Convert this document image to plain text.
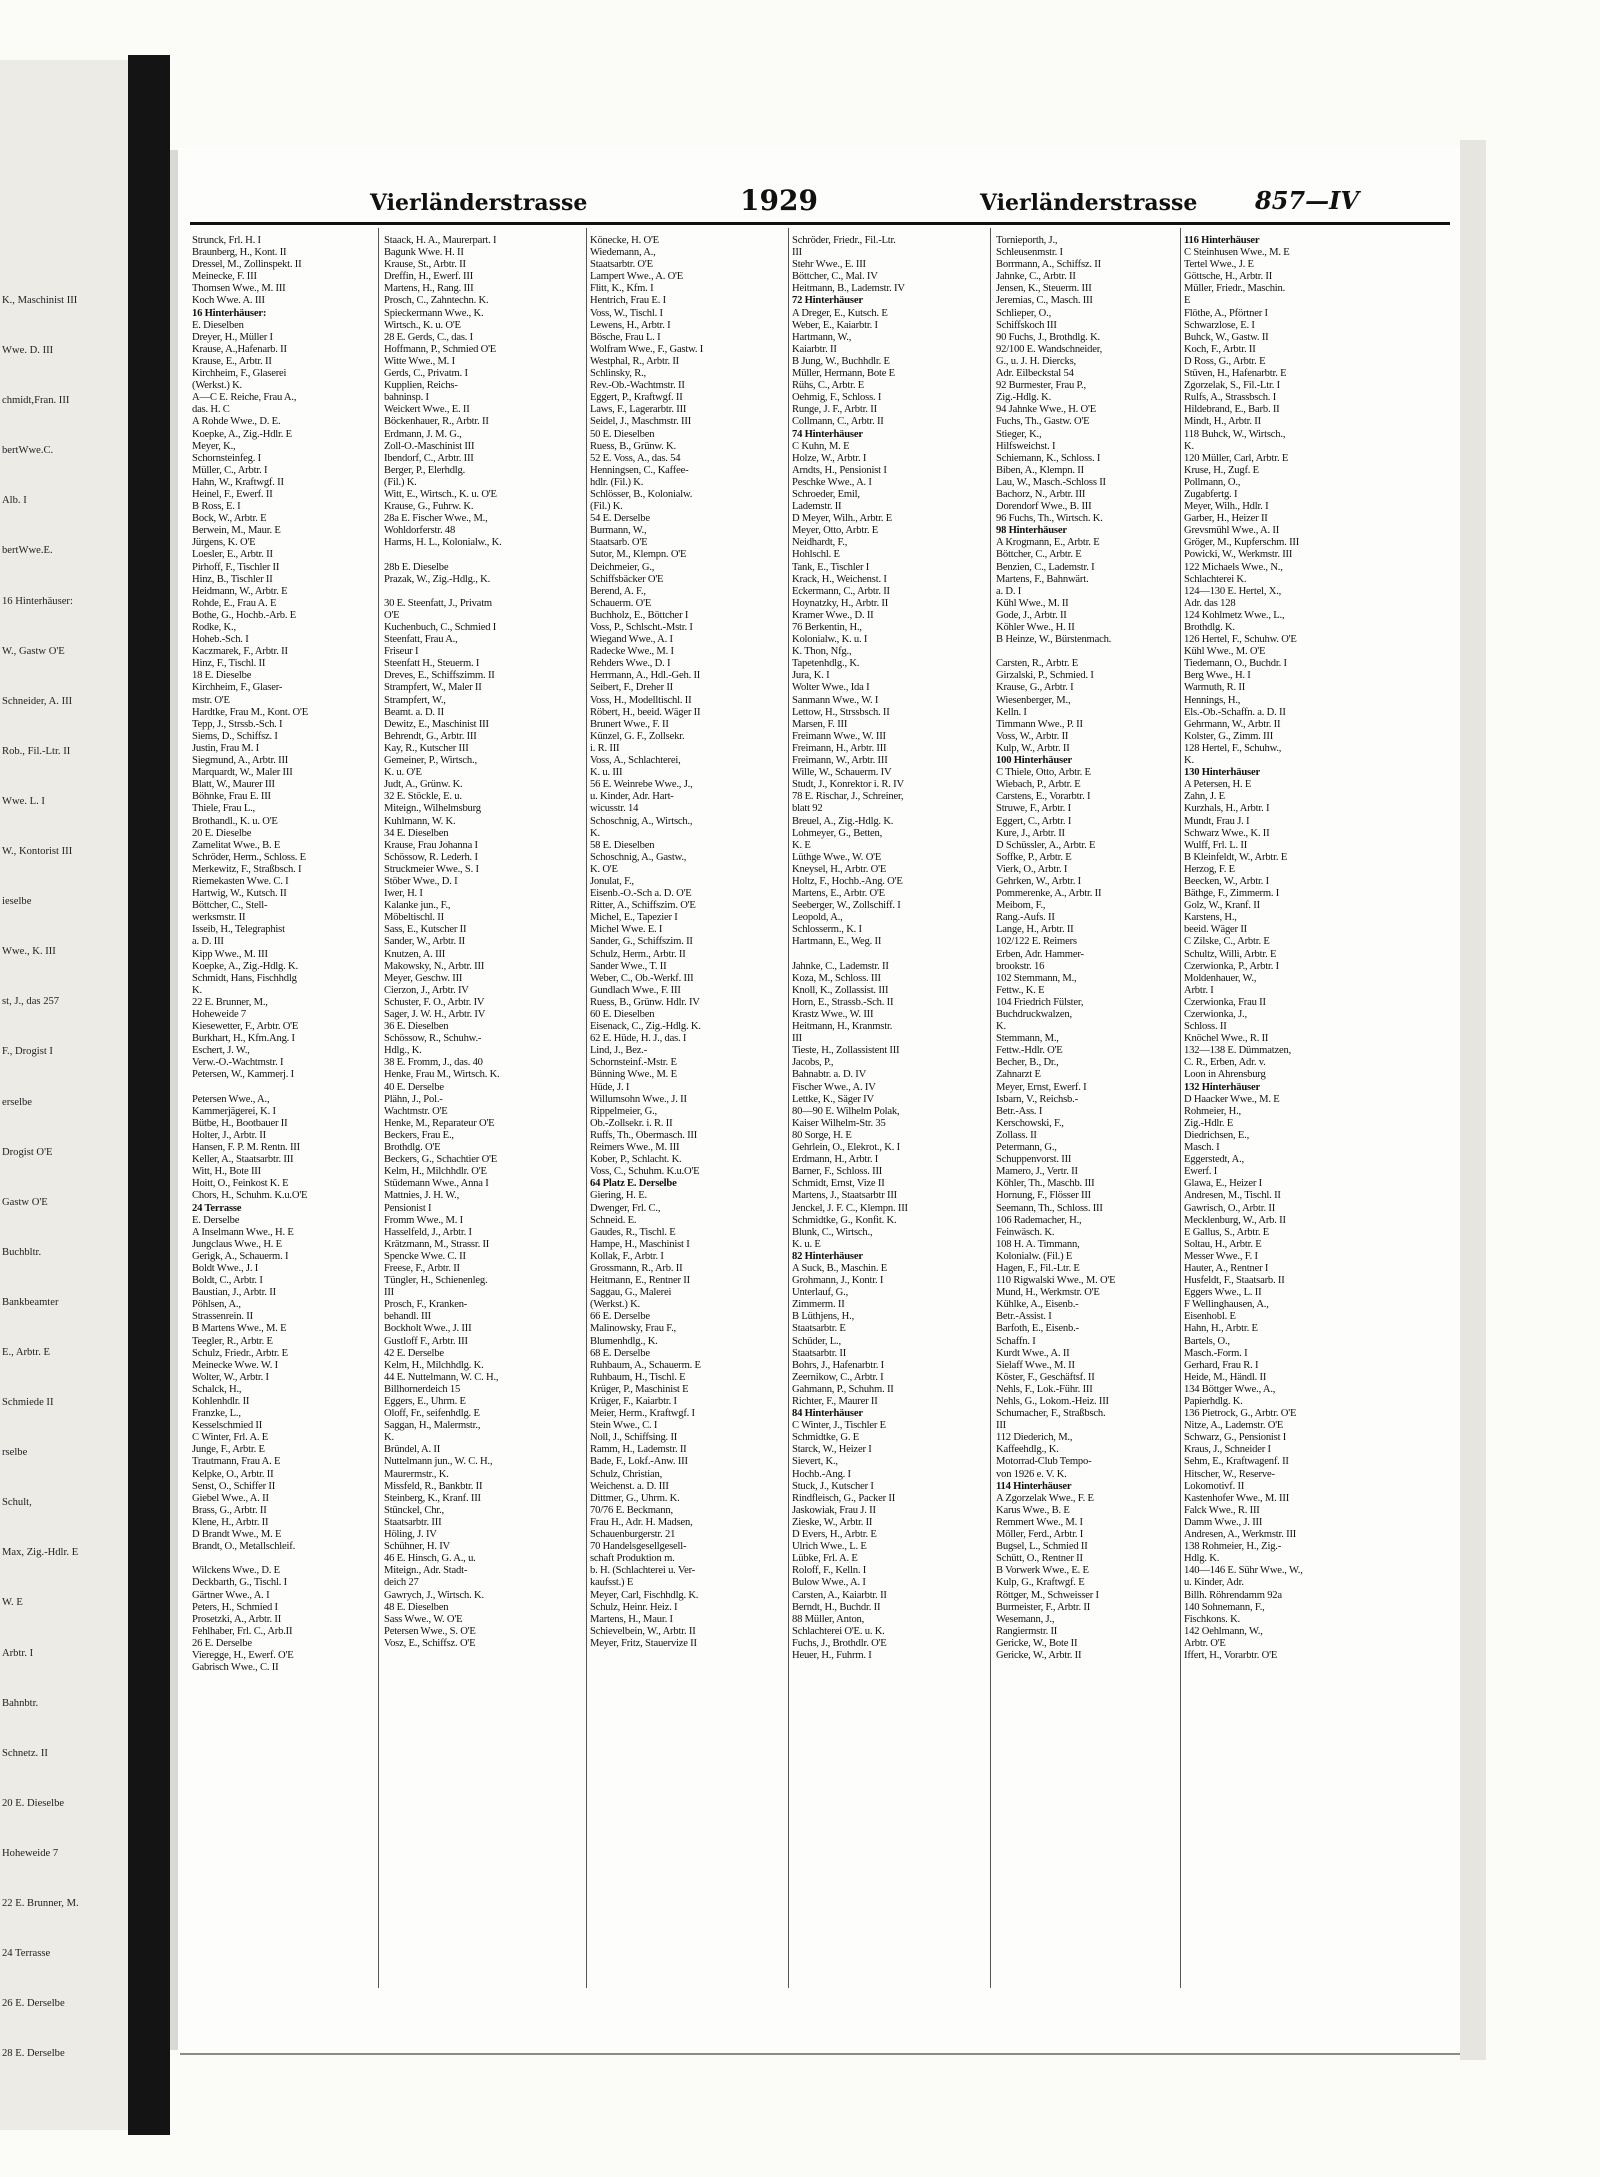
K., Maschinist III
Wwe. D. III
chmidt,Fran. III
bertWwe.C.
Alb. I
bertWwe.E.
16 Hinterhäuser:
W., Gastw O'E
Schneider, A. III
Rob., Fil.-Ltr. II
Wwe. L. I
W., Kontorist III
ieselbe
Wwe., K. III
st, J., das 257
F., Drogist I
erselbe
Drogist O'E
Gastw O'E
Buchbltr.
Bankbeamter
E., Arbtr. E
Schmiede II
rselbe
Schult,
Max, Zig.-Hdlr. E
W. E
Arbtr. I
Bahnbtr.
Schnetz. II
20 E. Dieselbe
Hoheweide 7
22 E. Brunner, M.
24 Terrasse
26 E. Derselbe
28 E. Derselbe
Vierländerstrasse	1929	Vierländerstrasse 857—IV
Strunck, Frl. H. I
Braunberg, H., Kont. II
Dressel, M., Zollinspekt. II
Meinecke, F. III
Thomsen Wwe., M. III
Koch Wwe. A. III
16 Hinterhäuser:
E. Dieselben
Dreyer, H., Müller I
Krause, A.,Hafenarb. II
Krause, E., Arbtr. II
Kirchheim, F., Glaserei
(Werkst.) K.
A—C E. Reiche, Frau A.,
das. H. C
A Rohde Wwe., D. E.
Koepke, A., Zig.-Hdlr. E
Meyer, K.,
Schornsteinfeg. I
Müller, C., Arbtr. I
Hahn, W., Kraftwgf. II
Heinel, F., Ewerf. II
B Ross, E. I
Bock, W., Arbtr. E
Berwein, M., Maur. E
Jürgens, K. O'E
Loesler, E., Arbtr. II
Pirhoff, F., Tischler II
Hinz, B., Tischler II
Heidmann, W., Arbtr. E
Rohde, E., Frau A. E
Bothe, G., Hochb.-Arb. E
Rodke, K.,
Hoheb.-Sch. I
Kaczmarek, F., Arbtr. II
Hinz, F., Tischl. II
18 E. Dieselbe
Kirchheim, F., Glaser-
mstr. O'E
Hardtke, Frau M., Kont. O'E
Tepp, J., Strssb.-Sch. I
Siems, D., Schiffsz. I
Justin, Frau M. I
Siegmund, A., Arbtr. III
Marquardt, W., Maler III
Blatt, W., Maurer III
Böhnke, Frau E. III
Thiele, Frau L.,
Brothandl., K. u. O'E
20 E. Dieselbe
Zamelitat Wwe., B. E
Schröder, Herm., Schloss. E
Merkewitz, F., Straßbsch. I
Riemekasten Wwe. C. I
Hartwig, W., Kutsch. II
Böttcher, C., Stell-
werksmstr. II
Isseib, H., Telegraphist
a. D. III
Kipp Wwe., M. III
Koepke, A., Zig.-Hdlg. K.
Schmidt, Hans, Fischhdlg
K.
22 E. Brunner, M.,
Hoheweide 7
Kiesewetter, F., Arbtr. O'E
Burkhart, H., Kfm.Ang. I
Eschert, J. W.,
Verw.-O.-Wachtmstr. I
Petersen, W., Kammerj. I
Petersen Wwe., A.,
Kammerjägerei, K. I
Bütbe, H., Bootbauer II
Holter, J., Arbtr. II
Hansen, F. P. M. Rentn. III
Keller, A., Staatsarbtr. III
Witt, H., Bote III
Hoitt, O., Feinkost K. E
Chors, H., Schuhm. K.u.O'E
24 Terrasse
E. Derselbe
A Inselmann Wwe., H. E
Jungclaus Wwe., H. E
Gerigk, A., Schauerm. I
Boldt Wwe., J. I
Boldt, C., Arbtr. I
Baustian, J., Arbtr. II
Pöhlsen, A.,
Strassenrein. II
B Martens Wwe., M. E
Teegler, R., Arbtr. E
Schulz, Friedr., Arbtr. E
Meinecke Wwe. W. I
Wolter, W., Arbtr. I
Schalck, H.,
Kohlenhdlr. II
Franzke, L.,
Kesselschmied II
C Winter, Frl. A. E
Junge, F., Arbtr. E
Trautmann, Frau A. E
Kelpke, O., Arbtr. II
Senst, O., Schiffer II
Giebel Wwe., A. II
Brass, G., Arbtr. II
Klene, H., Arbtr. II
D Brandt Wwe., M. E
Brandt, O., Metallschleif.
Wilckens Wwe., D. E
Deckbarth, G., Tischl. I
Gärtner Wwe., A. I
Peters, H., Schmied I
Prosetzki, A., Arbtr. II
Fehlhaber, Frl. C., Arb.II
26 E. Derselbe
Vieregge, H., Ewerf. O'E
Gabrisch Wwe., C. II
Staack, H. A., Maurerpart. I
Bagunk Wwe. H. II
Krause, St., Arbtr. II
Dreffin, H., Ewerf. III
Martens, H., Rang. III
Prosch, C., Zahntechn. K.
Spieckermann Wwe., K.
Wirtsch., K. u. O'E
28 E. Gerds, C., das. I
Hoffmann, P., Schmied O'E
Witte Wwe., M. I
Gerds, C., Privatm. I
Kupplien, Reichs-
bahninsp. I
Weickert Wwe., E. II
Böckenhauer, R., Arbtr. II
Erdmann, J. M. G.,
Zoll-O.-Maschinist III
Ibendorf, C., Arbtr. III
Berger, P., Elerhdlg.
(Fil.) K.
Witt, E., Wirtsch., K. u. O'E
Krause, G., Fuhrw. K.
28a E. Fischer Wwe., M.,
Wohldorferstr. 48
Harms, H. L., Kolonialw., K.
28b E. Dieselbe
Prazak, W., Zig.-Hdlg., K.
30 E. Steenfatt, J., Privatm
O'E
Kuchenbuch, C., Schmied I
Steenfatt, Frau A.,
Friseur I
Steenfatt H., Steuerm. I
Dreves, E., Schiffszimm. II
Strampfert, W., Maler II
Strampfert, W.,
Beamt. a. D. II
Dewitz, E., Maschinist III
Behrendt, G., Arbtr. III
Kay, R., Kutscher III
Gemeiner, P., Wirtsch.,
K. u. O'E
Judt, A., Grünw. K.
32 E. Stöckle, E. u.
Miteign., Wilhelmsburg
Kuhlmann, W. K.
34 E. Dieselben
Krause, Frau Johanna I
Schössow, R. Lederh. I
Struckmeier Wwe., S. I
Stöber Wwe., D. I
Iwer, H. I
Kalanke jun., F.,
Möbeltischl. II
Sass, E., Kutscher II
Sander, W., Arbtr. II
Knutzen, A. III
Makowsky, N., Arbtr. III
Meyer, Geschw. III
Cierzon, J., Arbtr. IV
Schuster, F. O., Arbtr. IV
Sager, J. W. H., Arbtr. IV
36 E. Dieselben
Schössow, R., Schuhw.-
Hdlg., K.
38 E. Fromm, J., das. 40
Henke, Frau M., Wirtsch. K.
40 E. Derselbe
Plähn, J., Pol.-
Wachtmstr. O'E
Henke, M., Reparateur O'E
Beckers, Frau E.,
Brothdlg. O'E
Beckers, G., Schachtier O'E
Kelm, H., Milchhdlr. O'E
Stüdemann Wwe., Anna I
Mattnies, J. H. W.,
Pensionist I
Fromm Wwe., M. I
Hasselfeld, J., Arbtr. I
Krätzmann, M., Strassr. II
Spencke Wwe. C. II
Freese, F., Arbtr. II
Tüngler, H., Schienenleg.
III
Prosch, F., Kranken-
behandl. III
Bockholt Wwe., J. III
Gustloff F., Arbtr. III
42 E. Derselbe
Kelm, H., Milchhdlg. K.
44 E. Nuttelmann, W. C. H.,
Billhornerdeich 15
Eggers, E., Uhrm. E
Oloff, Fr., seifenhdlg. E
Saggan, H., Malermstr.,
K.
Bründel, A. II
Nuttelmann jun., W. C. H.,
Maurermstr., K.
Missfeld, R., Bankbtr. II
Steinberg, K., Kranf. III
Stünckel, Chr.,
Staatsarbtr. III
Höling, J. IV
Schühner, H. IV
46 E. Hinsch, G. A., u.
Miteign., Adr. Stadt-
deich 27
Gawrych, J., Wirtsch. K.
48 E. Dieselben
Sass Wwe., W. O'E
Petersen Wwe., S. O'E
Vosz, E., Schiffsz. O'E
Könecke, H. O'E
Wiedemann, A.,
Staatsarbtr. O'E
Lampert Wwe., A. O'E
Flitt, K., Kfm. I
Hentrich, Frau E. I
Voss, W., Tischl. I
Lewens, H., Arbtr. I
Bösche, Frau L. I
Wolfram Wwe., F., Gastw. I
Westphal, R., Arbtr. II
Schlinsky, R.,
Rev.-Ob.-Wachtmstr. II
Eggert, P., Kraftwgf. II
Laws, F., Lagerarbtr. III
Seidel, J., Maschmstr. III
50 E. Dieselben
Ruess, B., Grünw. K.
52 E. Voss, A., das. 54
Henningsen, C., Kaffee-
hdlr. (Fil.) K.
Schlösser, B., Kolonialw.
(Fil.) K.
54 E. Derselbe
Burmann, W.,
Staatsarb. O'E
Sutor, M., Klempn. O'E
Deichmeier, G.,
Schiffsbäcker O'E
Berend, A. F.,
Schauerm. O'E
Buchholz, E., Böttcher I
Voss, P., Schlscht.-Mstr. I
Wiegand Wwe., A. I
Radecke Wwe., M. I
Rehders Wwe., D. I
Herrmann, A., Hdl.-Geh. II
Seibert, F., Dreher II
Voss, H., Modelltischl. II
Röbert, H., beeid. Wäger II
Brunert Wwe., F. II
Künzel, G. F., Zollsekr.
i. R. III
Voss, A., Schlachterei,
K. u. III
56 E. Weinrebe Wwe., J.,
u. Kinder, Adr. Hart-
wicusstr. 14
Schoschnig, A., Wirtsch.,
K.
58 E. Dieselben
Schoschnig, A., Gastw.,
K. O'E
Jonulat, F.,
Eisenb.-O.-Sch a. D. O'E
Ritter, A., Schiffszim. O'E
Michel, E., Tapezier I
Michel Wwe. E. I
Sander, G., Schiffszim. II
Schulz, Herm., Arbtr. II
Sander Wwe., T. II
Weber, C., Ob.-Werkf. III
Gundlach Wwe., F. III
Ruess, B., Grünw. Hdlr. IV
60 E. Dieselben
Eisenack, C., Zig.-Hdlg. K.
62 E. Hüde, H. J., das. I
Lind, J., Bez.-
Schornsteinf.-Mstr. E
Bünning Wwe., M. E
Hüde, J. I
Willumsohn Wwe., J. II
Rippelmeier, G.,
Ob.-Zollsekr. i. R. II
Ruffs, Th., Obermasch. III
Reimers Wwe., M. III
Kober, P., Schlacht. K.
Voss, C., Schuhm. K.u.O'E
64 Platz E. Derselbe
Giering, H. E.
Dwenger, Frl. C.,
Schneid. E.
Gaudes, R., Tischl. E
Hampe, H., Maschinist I
Kollak, F., Arbtr. I
Grossmann, R., Arb. II
Heitmann, E., Rentner II
Saggau, G., Malerei
(Werkst.) K.
66 E. Derselbe
Malinowsky, Frau F.,
Blumenhdlg., K.
68 E. Derselbe
Ruhbaum, A., Schauerm. E
Ruhbaum, H., Tischl. E
Krüger, P., Maschinist E
Krüger, F., Kaiarbtr. I
Meier, Herm., Kraftwgf. I
Stein Wwe., C. I
Noll, J., Schiffsing. II
Ramm, H., Lademstr. II
Bade, F., Lokf.-Anw. III
Schulz, Christian,
Weichenst. a. D. III
Dittmer, G., Uhrm. K.
70/76 E. Beckmann,
Frau H., Adr. H. Madsen,
Schauenburgerstr. 21
70 Handelsgesellgesell-
schaft Produktion m.
b. H. (Schlachterei u. Ver-
kaufsst.) E
Meyer, Carl, Fischhdlg. K.
Schulz, Heinr. Heiz. I
Martens, H., Maur. I
Schievelbein, W., Arbtr. II
Meyer, Fritz, Stauervize II
Schröder, Friedr., Fil.-Ltr.
III
Stehr Wwe., E. III
Böttcher, C., Mal. IV
Heitmann, B., Lademstr. IV
72 Hinterhäuser
A Dreger, E., Kutsch. E
Weber, E., Kaiarbtr. I
Hartmann, W.,
Kaiarbtr. II
B Jung, W., Buchhdlr. E
Müller, Hermann, Bote E
Rühs, C., Arbtr. E
Oehmig, F., Schloss. I
Runge, J. F., Arbtr. II
Collmann, C., Arbtr. II
74 Hinterhäuser
C Kuhn, M. E
Holze, W., Arbtr. I
Arndts, H., Pensionist I
Peschke Wwe., A. I
Schroeder, Emil,
Lademstr. II
D Meyer, Wilh., Arbtr. E
Meyer, Otto, Arbtr. E
Neidhardt, F.,
Hohlschl. E
Tank, E., Tischler I
Krack, H., Weichenst. I
Eckermann, C., Arbtr. II
Hoynatzky, H., Arbtr. II
Kramer Wwe., D. II
76 Berkentin, H.,
Kolonialw., K. u. I
K. Thon, Nfg.,
Tapetenhdlg., K.
Jura, K. I
Wolter Wwe., Ida I
Sanmann Wwe., W. I
Lettow, H., Strssbsch. II
Marsen, F. III
Freimann Wwe., W. III
Freimann, H., Arbtr. III
Freimann, W., Arbtr. III
Wille, W., Schauerm. IV
Studt, J., Konrektor i. R. IV
78 E. Rischar, J., Schreiner,
blatt 92
Breuel, A., Zig.-Hdlg. K.
Lohmeyer, G., Betten,
K. E
Lüthge Wwe., W. O'E
Kneysel, H., Arbtr. O'E
Holtz, F., Hochb.-Ang. O'E
Martens, E., Arbtr. O'E
Seeberger, W., Zollschiff. I
Leopold, A.,
Schlosserm., K. I
Hartmann, E., Weg. II
Jahnke, C., Lademstr. II
Koza, M., Schloss. III
Knoll, K., Zollassist. III
Horn, E., Strassb.-Sch. II
Krastz Wwe., W. III
Heitmann, H., Kranmstr.
III
Tieste, H., Zollassistent III
Jacobs, P.,
Bahnabtr. a. D. IV
Fischer Wwe., A. IV
Lettke, K., Säger IV
80—90 E. Wilhelm Polak,
Kaiser Wilhelm-Str. 35
80 Sorge, H. E
Gehrlein, O., Elekrot., K. I
Erdmann, H., Arbtr. I
Barner, F., Schloss. III
Schmidt, Ernst, Vize II
Martens, J., Staatsarbtr III
Jenckel, J. F. C., Klempn. III
Schmidtke, G., Konfit. K.
Blunk, C., Wirtsch.,
K. u. E
82 Hinterhäuser
A Suck, B., Maschin. E
Grohmann, J., Kontr. I
Unterlauf, G.,
Zimmerm. II
B Lüthjens, H.,
Staatsarbtr. E
Schüder, L.,
Staatsarbtr. II
Bohrs, J., Hafenarbtr. I
Zeernikow, C., Arbtr. I
Gahmann, P., Schuhm. II
Richter, F., Maurer II
84 Hinterhäuser
C Winter, J., Tischler E
Schmidtke, G. E
Starck, W., Heizer I
Sievert, K.,
Hochb.-Ang. I
Stuck, J., Kutscher I
Rindfleisch, G., Packer II
Jaskowiak, Frau J. II
Zieske, W., Arbtr. II
D Evers, H., Arbtr. E
Ulrich Wwe., L. E
Lübke, Frl. A. E
Roloff, F., Kelln. I
Bulow Wwe., A. I
Carsten, A., Kaiarbtr. II
Berndt, H., Buchdr. II
88 Müller, Anton,
Schlachterei O'E. u. K.
Fuchs, J., Brothdlr. O'E
Heuer, H., Fuhrm. I
Tornieporth, J.,
Schleusenmstr. I
Borrmann, A., Schiffsz. II
Jahnke, C., Arbtr. II
Jensen, K., Steuerm. III
Jeremias, C., Masch. III
Schlieper, O.,
Schiffskoch III
90 Fuchs, J., Brothdlg. K.
92/100 E. Wandschneider,
G., u. J. H. Diercks,
Adr. Eilbeckstal 54
92 Burmester, Frau P.,
Zig.-Hdlg. K.
94 Jahnke Wwe., H. O'E
Fuchs, Th., Gastw. O'E
Stieger, K.,
Hilfsweichst. I
Schiemann, K., Schloss. I
Biben, A., Klempn. II
Lau, W., Masch.-Schloss II
Bachorz, N., Arbtr. III
Dorendorf Wwe., B. III
96 Fuchs, Th., Wirtsch. K.
98 Hinterhäuser
A Krogmann, E., Arbtr. E
Böttcher, C., Arbtr. E
Benzien, C., Lademstr. I
Martens, F., Bahnwärt.
a. D. I
Kühl Wwe., M. II
Gode, J., Arbtr. II
Köhler Wwe., H. II
B Heinze, W., Bürstenmach.
Carsten, R., Arbtr. E
Girzalski, P., Schmied. I
Krause, G., Arbtr. I
Wiesenberger, M.,
Kelln. I
Timmann Wwe., P. II
Voss, W., Arbtr. II
Kulp, W., Arbtr. II
100 Hinterhäuser
C Thiele, Otto, Arbtr. E
Wiebach, P., Arbtr. E
Carstens, E., Vorarbtr. I
Struwe, F., Arbtr. I
Eggert, C., Arbtr. I
Kure, J., Arbtr. II
D Schüssler, A., Arbtr. E
Soffke, P., Arbtr. E
Vierk, O., Arbtr. I
Gehrken, W., Arbtr. I
Pommerenke, A., Arbtr. II
Meibom, F.,
Rang.-Aufs. II
Lange, H., Arbtr. II
102/122 E. Reimers
Erben, Adr. Hammer-
brookstr. 16
102 Stemmann, M.,
Fettw., K. E
104 Friedrich Fülster,
Buchdruckwalzen,
K.
Stemmann, M.,
Fettw.-Hdlr. O'E
Becher, B., Dr.,
Zahnarzt E
Meyer, Ernst, Ewerf. I
Isbarn, V., Reichsb.-
Betr.-Ass. I
Kerschowski, F.,
Zollass. II
Petermann, G.,
Schuppenvorst. III
Mamero, J., Vertr. II
Köhler, Th., Maschb. III
Hornung, F., Flösser III
Seemann, Th., Schloss. III
106 Rademacher, H.,
Feinwäsch. K.
108 H. A. Timmann,
Kolonialw. (Fil.) E
Hagen, F., Fil.-Ltr. E
110 Rigwalski Wwe., M. O'E
Mund, H., Werkmstr. O'E
Kühlke, A., Eisenb.-
Betr.-Assist. I
Barfoth, E., Eisenb.-
Schaffn. I
Kurdt Wwe., A. II
Sielaff Wwe., M. II
Köster, F., Geschäftsf. II
Nehls, F., Lok.-Führ. III
Nehls, G., Lokom.-Heiz. III
Schumacher, F., Straßbsch.
III
112 Diederich, M.,
Kaffeehdlg., K.
Motorrad-Club Tempo-
von 1926 e. V. K.
114 Hinterhäuser
A Zgorzelak Wwe., F. E
Karus Wwe., B. E
Remmert Wwe., M. I
Möller, Ferd., Arbtr. I
Bugsel, L., Schmied II
Schütt, O., Rentner II
B Vorwerk Wwe., E. E
Kulp, G., Kraftwgf. E
Röttger, M., Schweisser I
Burmeister, F., Arbtr. II
Wesemann, J.,
Rangiermstr. II
Gericke, W., Bote II
Gericke, W., Arbtr. II
116 Hinterhäuser
C Steinhusen Wwe., M. E
Tertel Wwe., J. E
Göttsche, H., Arbtr. II
Müller, Friedr., Maschin.
E
Flöthe, A., Pförtner I
Schwarzlose, E. I
Buhck, W., Gastw. II
Koch, F., Arbtr. II
D Ross, G., Arbtr. E
Stüven, H., Hafenarbtr. E
Zgorzelak, S., Fil.-Ltr. I
Rulfs, A., Strassbsch. I
Hildebrand, E., Barb. II
Mindt, H., Arbtr. II
118 Buhck, W., Wirtsch.,
K.
120 Müller, Carl, Arbtr. E
Kruse, H., Zugf. E
Pollmann, O.,
Zugabfertg. I
Meyer, Wilh., Hdlr. I
Garber, H., Heizer II
Grevsmühl Wwe., A. II
Gröger, M., Kupferschm. III
Powicki, W., Werkmstr. III
122 Michaels Wwe., N.,
Schlachterei K.
124—130 E. Hertel, X.,
Adr. das 128
124 Kohlmetz Wwe., L.,
Brothdlg. K.
126 Hertel, F., Schuhw. O'E
Kühl Wwe., M. O'E
Tiedemann, O., Buchdr. I
Berg Wwe., H. I
Warmuth, R. II
Hennings, H.,
Els.-Ob.-Schaffn. a. D. II
Gehrmann, W., Arbtr. II
Kolster, G., Zimm. III
128 Hertel, F., Schuhw.,
K.
130 Hinterhäuser
A Petersen, H. E
Zahn, J. E
Kurzhals, H., Arbtr. I
Mundt, Frau J. I
Schwarz Wwe., K. II
Wulff, Frl. L. II
B Kleinfeldt, W., Arbtr. E
Herzog, F. E
Beecken, W., Arbtr. I
Bäthge, F., Zimmerm. I
Golz, W., Kranf. II
Karstens, H.,
beeid. Wäger II
C Zilske, C., Arbtr. E
Schultz, Willi, Arbtr. E
Czerwionka, P., Arbtr. I
Moldenhauer, W.,
Arbtr. I
Czerwionka, Frau II
Czerwionka, J.,
Schloss. II
Knöchel Wwe., R. II
132—138 E. Dümmatzen,
C. R., Erben, Adr. v.
Loon in Ahrensburg
132 Hinterhäuser
D Haacker Wwe., M. E
Rohmeier, H.,
Zig.-Hdlr. E
Diedrichsen, E.,
Masch. I
Eggerstedt, A.,
Ewerf. I
Glawa, E., Heizer I
Andresen, M., Tischl. II
Gawrisch, O., Arbtr. II
Mecklenburg, W., Arb. II
E Gallus, S., Arbtr. E
Soltau, H., Arbtr. E
Messer Wwe., F. I
Hauter, A., Rentner I
Husfeldt, F., Staatsarb. II
Eggers Wwe., L. II
F Wellinghausen, A.,
Eisenhobl. E
Hahn, H., Arbtr. E
Bartels, O.,
Masch.-Form. I
Gerhard, Frau R. I
Heide, M., Händl. II
134 Böttger Wwe., A.,
Papierhdlg. K.
136 Pietrock, G., Arbtr. O'E
Nitze, A., Lademstr. O'E
Schwarz, G., Pensionist I
Kraus, J., Schneider I
Sehm, E., Kraftwagenf. II
Hitscher, W., Reserve-
Lokomotivf. II
Kastenhofer Wwe., M. III
Falck Wwe., R. III
Damm Wwe., J. III
Andresen, A., Werkmstr. III
138 Rohmeier, H., Zig.-
Hdlg. K.
140—146 E. Sühr Wwe., W.,
u. Kinder, Adr.
Billh. Röhrendamm 92a
140 Sohnemann, F.,
Fischkons. K.
142 Oehlmann, W.,
Arbtr. O'E
Iffert, H., Vorarbtr. O'E
